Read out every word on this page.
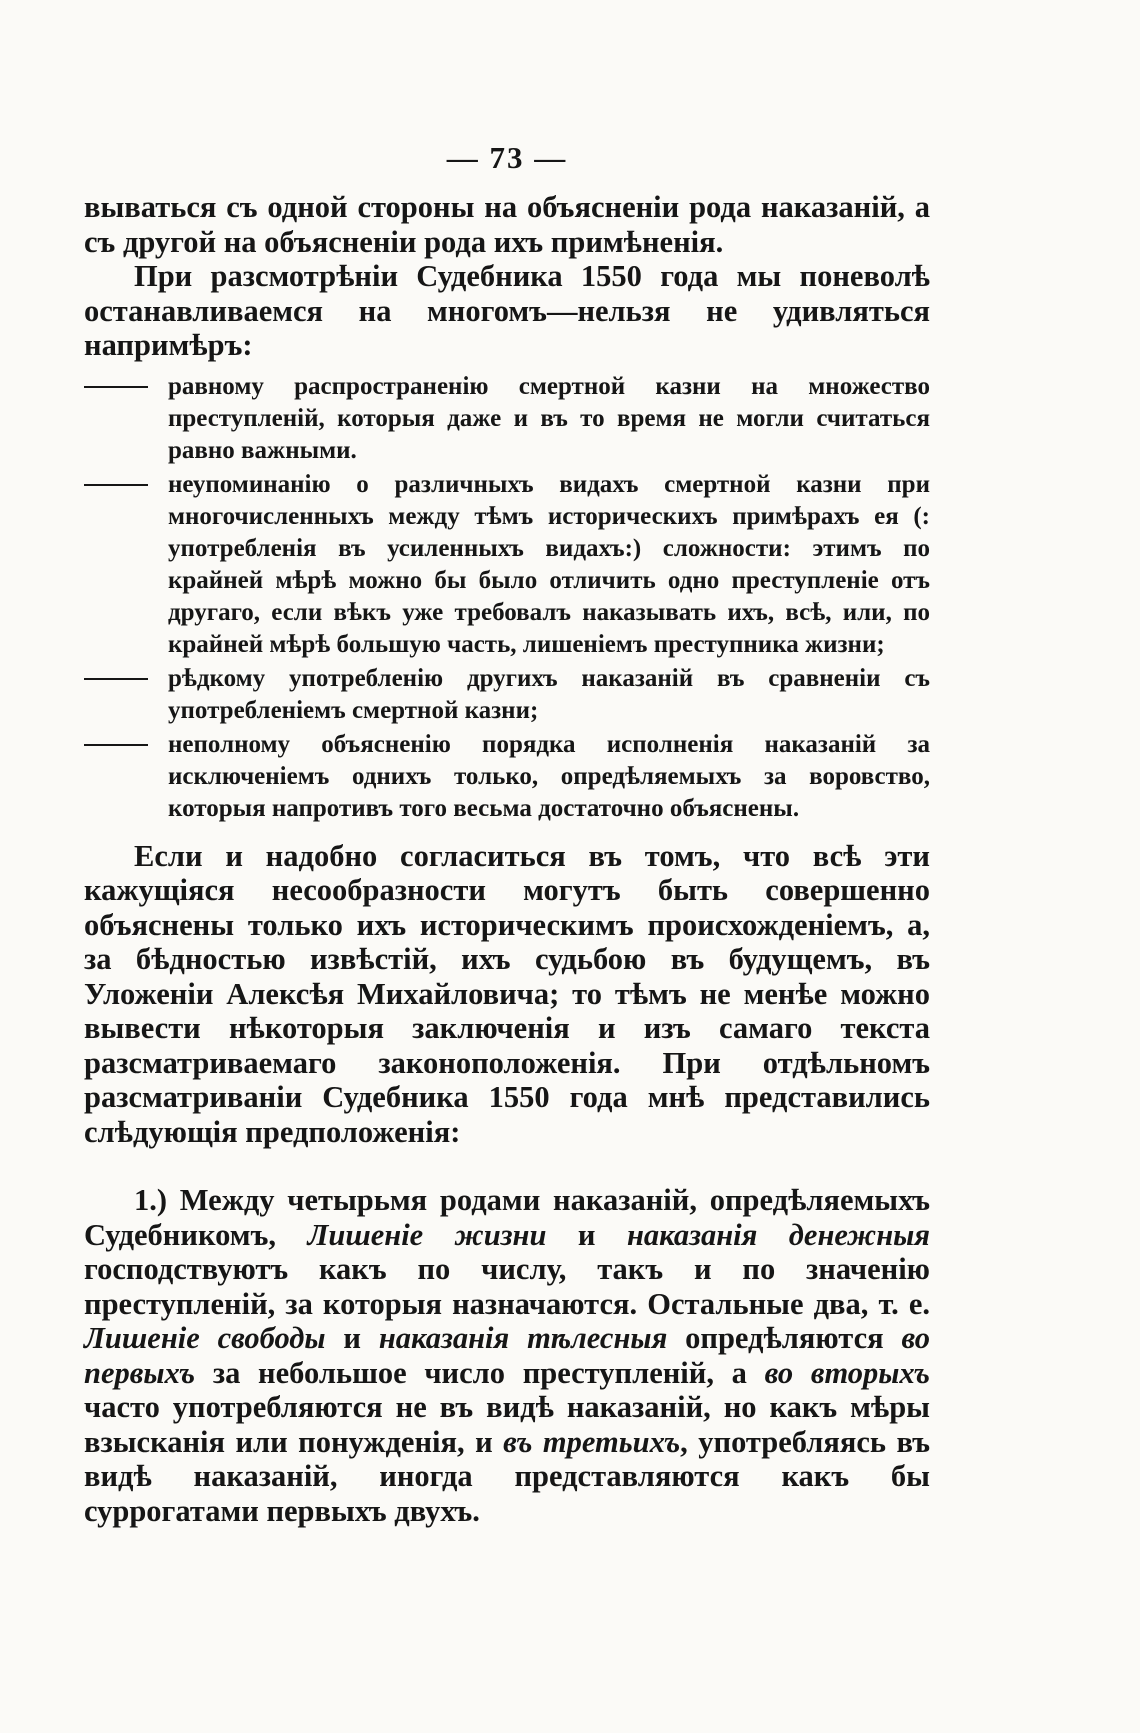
— 73 —

вываться съ одной стороны на объясненіи рода наказаній, а съ другой на объясненіи рода ихъ примѣненія.

При разсмотрѣніи Судебника 1550 года мы поневолѣ останавливаемся на многомъ—нельзя не удивляться напримѣръ:

равному распространенію смертной казни на множество преступленій, которыя даже и въ то время не могли считаться равно важными.
неупоминанію о различныхъ видахъ смертной казни при многочисленныхъ между тѣмъ историческихъ примѣрахъ ея (: употребленія въ усиленныхъ видахъ:) сложности: этимъ по крайней мѣрѣ можно бы было отличить одно преступленіе отъ другаго, если вѣкъ уже требовалъ наказывать ихъ, всѣ, или, по крайней мѣрѣ большую часть, лишеніемъ преступника жизни;
рѣдкому употребленію другихъ наказаній въ сравненіи съ употребленіемъ смертной казни;
неполному объясненію порядка исполненія наказаній за исключеніемъ однихъ только, опредѣляемыхъ за воровство, которыя напротивъ того весьма достаточно объяснены.

Если и надобно согласиться въ томъ, что всѣ эти кажущіяся несообразности могутъ быть совершенно объяснены только ихъ историческимъ происхожденіемъ, а, за бѣдностью извѣстій, ихъ судьбою въ будущемъ, въ Уложеніи Алексѣя Михайловича; то тѣмъ не менѣе можно вывести нѣкоторыя заключенія и изъ самаго текста разсматриваемаго законоположенія. При отдѣльномъ разсматриваніи Судебника 1550 года мнѣ представились слѣдующія предположенія:

1.) Между четырьмя родами наказаній, опредѣляемыхъ Судебникомъ, Лишеніе жизни и наказанія денежныя господствуютъ какъ по числу, такъ и по значенію преступленій, за которыя назначаются. Остальные два, т. е. Лишеніе свободы и наказанія тѣлесныя опредѣляются во первыхъ за небольшое число преступленій, а во вторыхъ часто употребляются не въ видѣ наказаній, но какъ мѣры взысканія или понужденія, и въ третьихъ, употребляясь въ видѣ наказаній, иногда представляются какъ бы суррогатами первыхъ двухъ.
